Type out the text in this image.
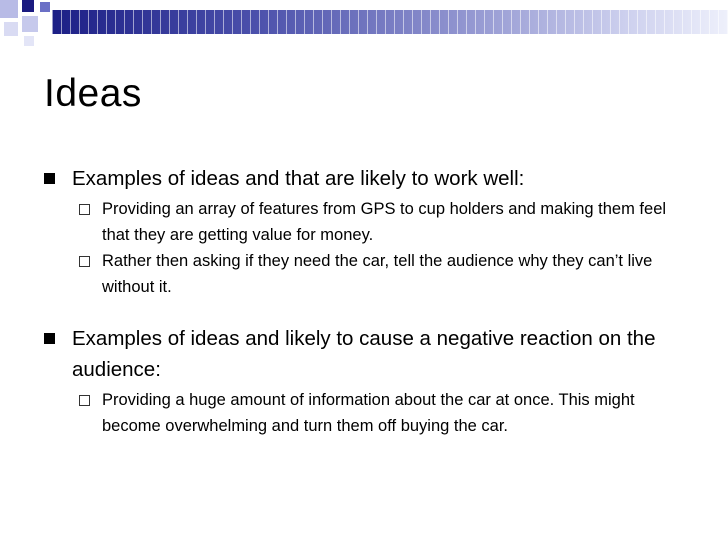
Ideas
Examples of ideas and that are likely to work well:
Providing an array of features from GPS to cup holders and making them feel that they are getting value for money.
Rather then asking if they need the car, tell the audience why they can’t live without it.
Examples of ideas and likely to cause a negative reaction on the audience:
Providing a huge amount of information about the car at once. This might become overwhelming and turn them off buying the car.
